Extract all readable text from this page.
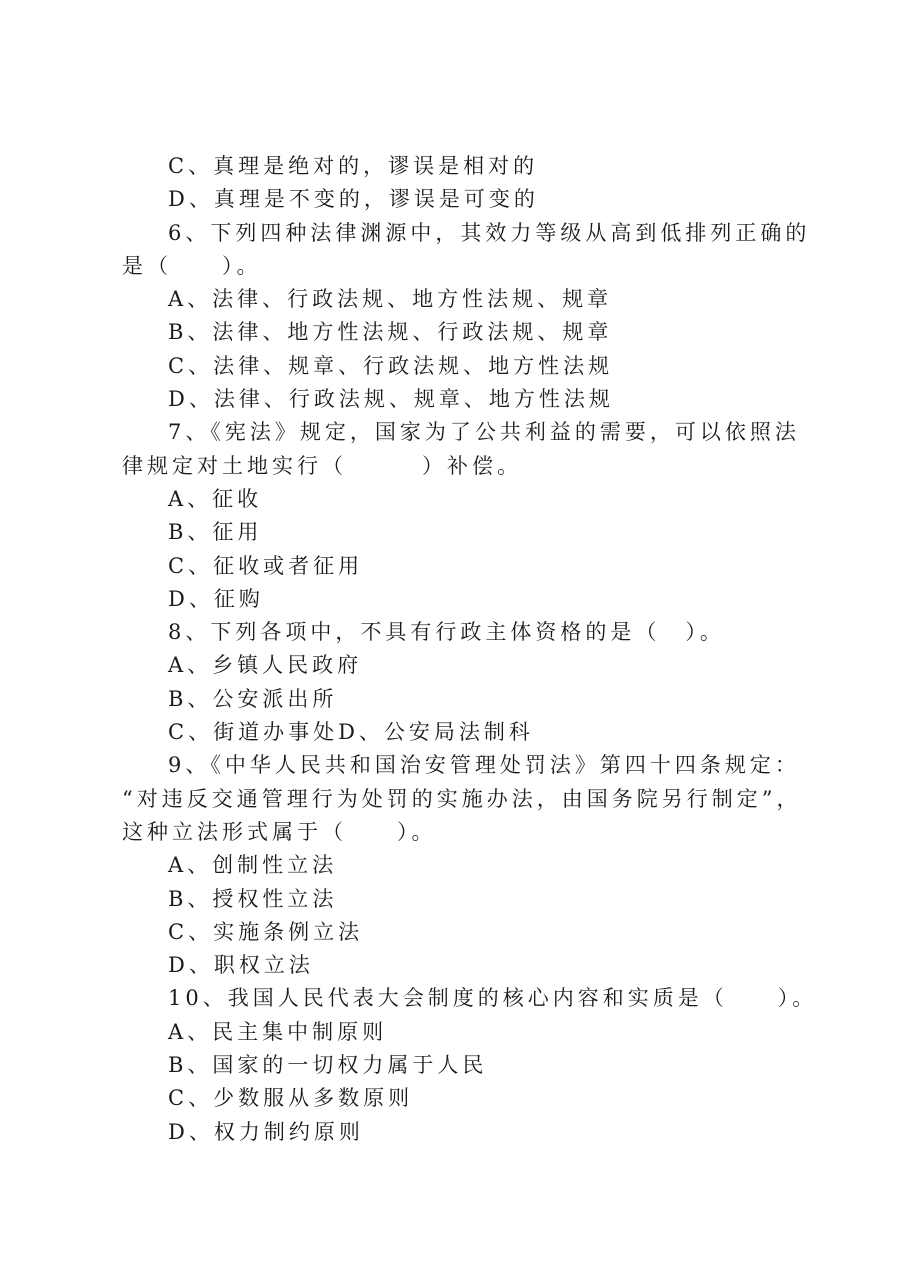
C、真理是绝对的，谬误是相对的

D、真理是不变的，谬误是可变的

6、下列四种法律渊源中，其效力等级从高到低排列正确的

是（　　）。

A、法律、行政法规、地方性法规、规章

B、法律、地方性法规、行政法规、规章

C、法律、规章、行政法规、地方性法规

D、法律、行政法规、规章、地方性法规

7、《宪法》规定，国家为了公共利益的需要，可以依照法

律规定对土地实行（　　　）补偿。

A、征收

B、征用

C、征收或者征用

D、征购

8、下列各项中，不具有行政主体资格的是（　）。

A、乡镇人民政府

B、公安派出所

C、街道办事处D、公安局法制科

9、《中华人民共和国治安管理处罚法》第四十四条规定：

“对违反交通管理行为处罚的实施办法，由国务院另行制定”，

这种立法形式属于（　　）。

A、创制性立法

B、授权性立法

C、实施条例立法

D、职权立法

10、我国人民代表大会制度的核心内容和实质是（　　）。

A、民主集中制原则

B、国家的一切权力属于人民

C、少数服从多数原则

D、权力制约原则
